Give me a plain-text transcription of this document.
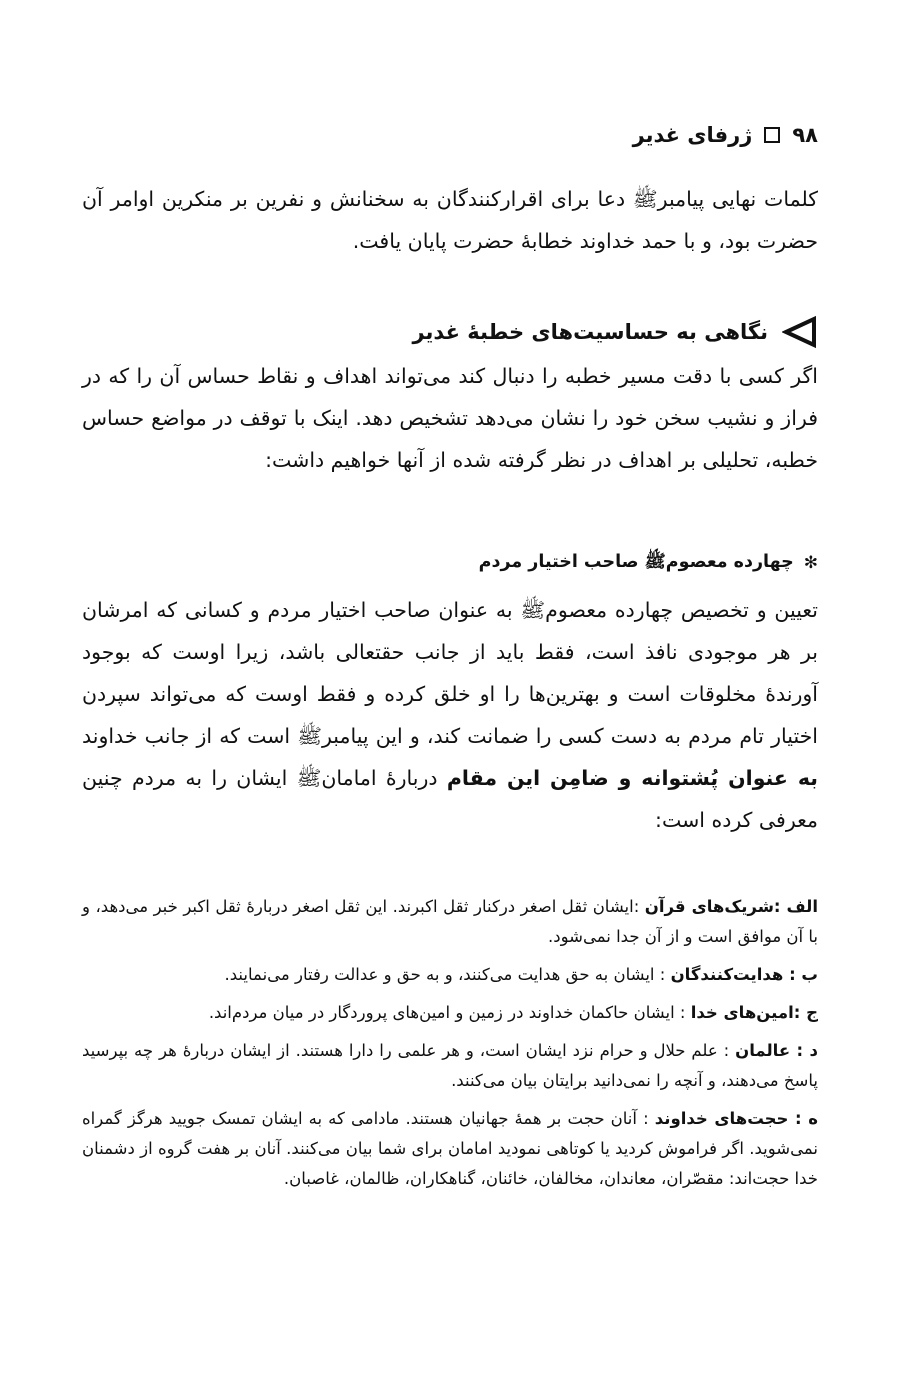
۹۸
ژرفای غدیر
کلمات نهایی پیامبرﷺ دعا برای اقرارکنندگان به سخنانش و نفرین بر منکرین اوامر آن حضرت بود، و با حمد خداوند خطابهٔ حضرت پایان یافت.
نگاهی به حساسیت‌های خطبهٔ غدیر
اگر کسی با دقت مسیر خطبه را دنبال کند می‌تواند اهداف و نقاط حساس آن را که در فراز و نشیب سخن خود را نشان می‌دهد تشخیص دهد. اینک با توقف در مواضع حساس خطبه، تحلیلی بر اهداف در نظر گرفته شده از آنها خواهیم داشت:
✻
چهارده معصوم‌ﷺ صاحب اختیار مردم
تعیین و تخصیص چهارده معصوم‌ﷺ به عنوان صاحب اختیار مردم و کسانی که امرشان بر هر موجودی نافذ است، فقط باید از جانب حقتعالی باشد، زیرا اوست که بوجود آورندهٔ مخلوقات است و بهترین‌ها را او خلق کرده و فقط اوست که می‌تواند سپردن اختیار تام مردم به دست کسی را ضمانت کند، و این پیامبرﷺ است که از جانب خداوند به عنوان پُشتوانه و ضامِن این مقام دربارهٔ امامان‌ﷺ ایشان را به مردم چنین معرفی کرده است:
الف :شریک‌های قرآن :ایشان ثقل اصغر درکنار ثقل اکبرند. این ثقل اصغر دربارهٔ ثقل اکبر خبر می‌دهد، و با آن موافق است و از آن جدا نمی‌شود.
ب : هدایت‌کنندگان : ایشان به حق هدایت می‌کنند، و به حق و عدالت رفتار می‌نمایند.
ج :امین‌های خدا : ایشان حاکمان خداوند در زمین و امین‌های پروردگار در میان مردم‌اند.
د : عالمان : علم حلال و حرام نزد ایشان است، و هر علمی را دارا هستند. از ایشان دربارهٔ هر چه بپرسید پاسخ می‌دهند، و آنچه را نمی‌دانید برایتان بیان می‌کنند.
ه : حجت‌های خداوند : آنان حجت بر همهٔ جهانیان هستند. مادامی که به ایشان تمسک جویید هرگز گمراه نمی‌شوید. اگر فراموش کردید یا کوتاهی نمودید امامان برای شما بیان می‌کنند. آنان بر هفت گروه از دشمنان خدا حجت‌اند: مقصّران، معاندان، مخالفان، خائنان، گناهکاران، ظالمان، غاصبان.
